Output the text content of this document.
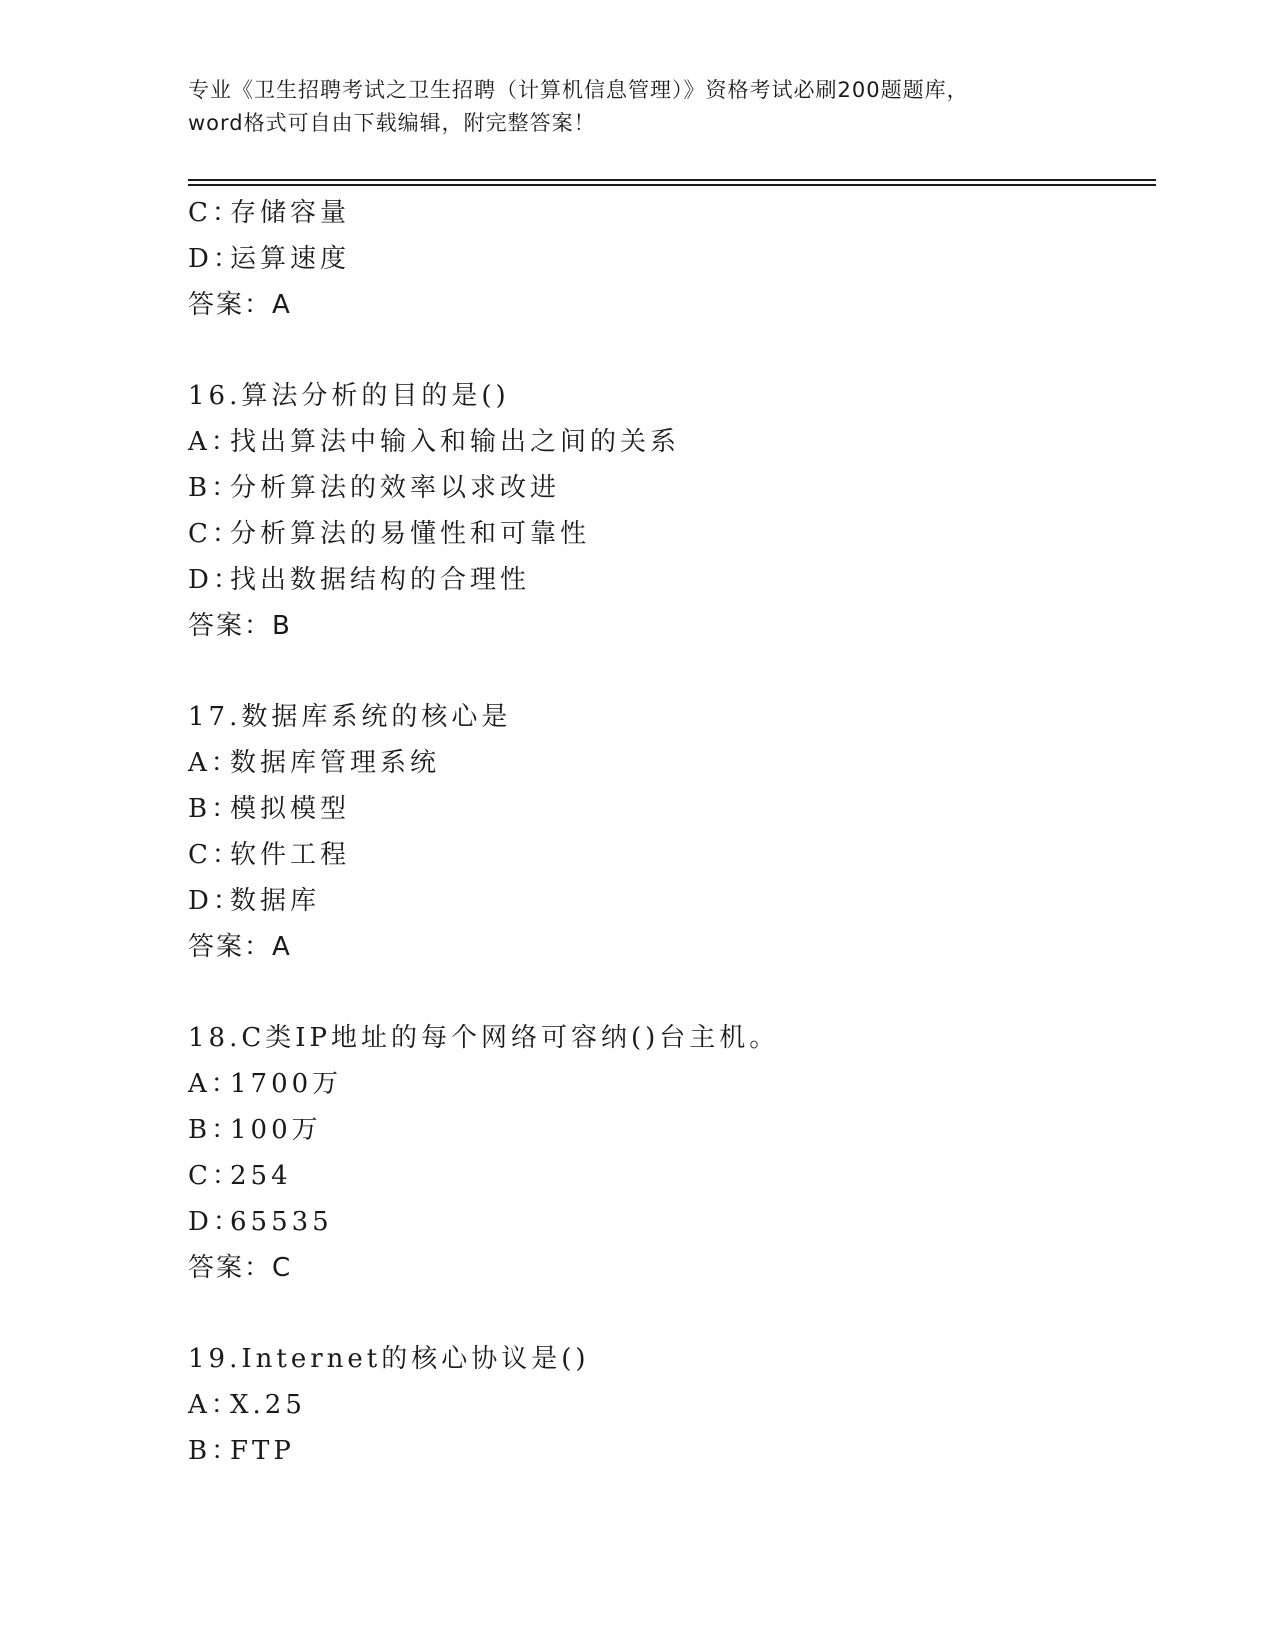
专业《卫生招聘考试之卫生招聘（计算机信息管理）》资格考试必刷200题题库，
word格式可自由下载编辑，附完整答案！
C：
存储容量
D：
运算速度
答案：A
16.算法分析的目的是()
A：
找出算法中输入和输出之间的关系
B：
分析算法的效率以求改进
C：
分析算法的易懂性和可靠性
D：
找出数据结构的合理性
答案：B
17.数据库系统的核心是
A：
数据库管理系统
B：
模拟模型
C：
软件工程
D：
数据库
答案：A
18.C类IP地址的每个网络可容纳()台主机。
A：
1700万
B：
100万
C：
254
D：
65535
答案：C
19.Internet的核心协议是()
A：
X.25
B：
FTP
